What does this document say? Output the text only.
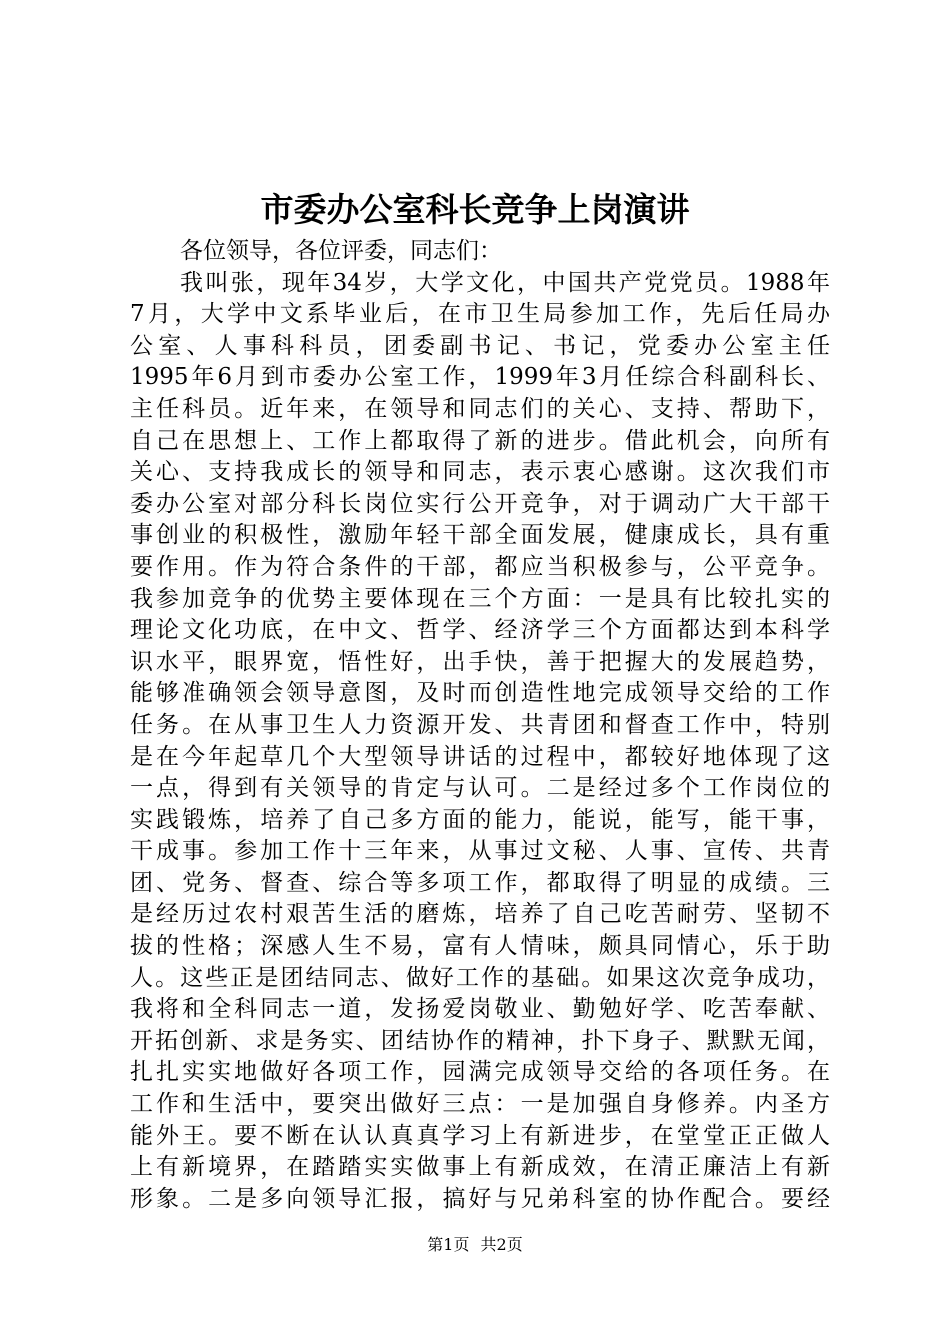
市委办公室科长竞争上岗演讲
各位领导，各位评委，同志们：
我叫张，现年34岁，大学文化，中国共产党党员。1988年
7月，大学中文系毕业后，在市卫生局参加工作，先后任局办
公室、人事科科员，团委副书记、书记，党委办公室主任
1995年6月到市委办公室工作，1999年3月任综合科副科长、
主任科员。近年来，在领导和同志们的关心、支持、帮助下，
自己在思想上、工作上都取得了新的进步。借此机会，向所有
关心、支持我成长的领导和同志，表示衷心感谢。这次我们市
委办公室对部分科长岗位实行公开竞争，对于调动广大干部干
事创业的积极性，激励年轻干部全面发展，健康成长，具有重
要作用。作为符合条件的干部，都应当积极参与，公平竞争。
我参加竞争的优势主要体现在三个方面：一是具有比较扎实的
理论文化功底，在中文、哲学、经济学三个方面都达到本科学
识水平，眼界宽，悟性好，出手快，善于把握大的发展趋势，
能够准确领会领导意图，及时而创造性地完成领导交给的工作
任务。在从事卫生人力资源开发、共青团和督查工作中，特别
是在今年起草几个大型领导讲话的过程中，都较好地体现了这
一点，得到有关领导的肯定与认可。二是经过多个工作岗位的
实践锻炼，培养了自己多方面的能力，能说，能写，能干事，
干成事。参加工作十三年来，从事过文秘、人事、宣传、共青
团、党务、督查、综合等多项工作，都取得了明显的成绩。三
是经历过农村艰苦生活的磨炼，培养了自己吃苦耐劳、坚韧不
拔的性格；深感人生不易，富有人情味，颇具同情心，乐于助
人。这些正是团结同志、做好工作的基础。如果这次竞争成功，
我将和全科同志一道，发扬爱岗敬业、勤勉好学、吃苦奉献、
开拓创新、求是务实、团结协作的精神，扑下身子、默默无闻，
扎扎实实地做好各项工作，园满完成领导交给的各项任务。在
工作和生活中，要突出做好三点：一是加强自身修养。内圣方
能外王。要不断在认认真真学习上有新进步，在堂堂正正做人
上有新境界，在踏踏实实做事上有新成效，在清正廉洁上有新
形象。二是多向领导汇报，搞好与兄弟科室的协作配合。要经
第1页 共2页
